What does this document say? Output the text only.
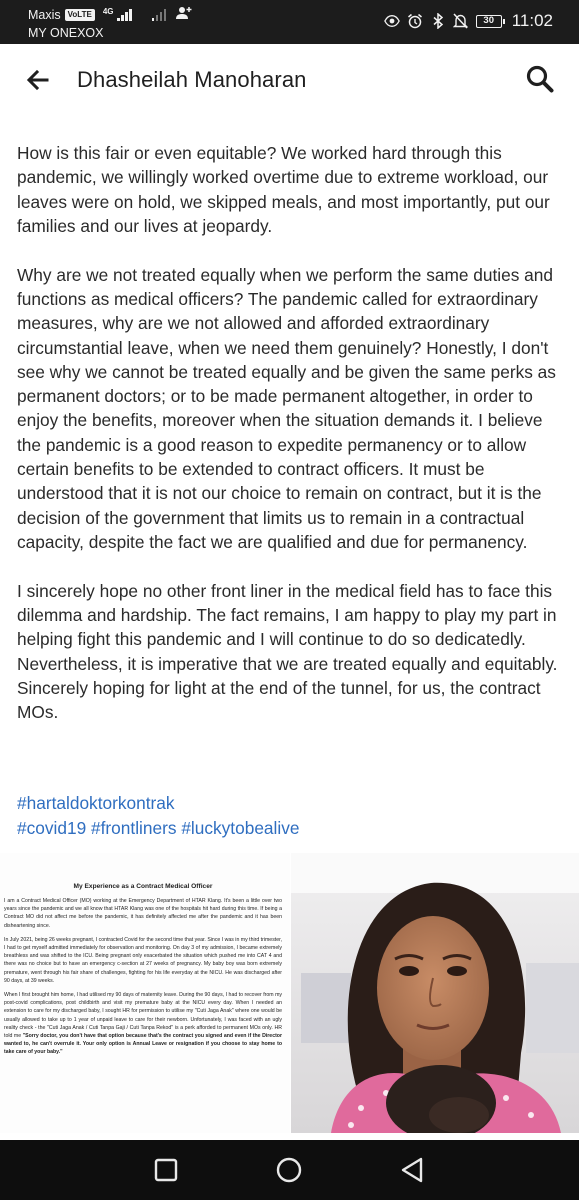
Maxis VoLTE	4G
MY ONEXOX
30	11:02
Dhasheilah Manoharan

How is this fair or even equitable? We worked hard through this pandemic, we willingly worked overtime due to extreme workload, our leaves were on hold, we skipped meals, and most importantly, put our families and our lives at jeopardy.

Why are we not treated equally when we perform the same duties and functions as medical officers? The pandemic called for extraordinary measures, why are we not allowed and afforded extraordinary circumstantial leave, when we need them genuinely? Honestly, I don't see why we cannot be treated equally and be given the same perks as permanent doctors; or to be made permanent altogether, in order to enjoy the benefits, moreover when the situation demands it. I believe the pandemic is a good reason to expedite permanency or to allow certain benefits to be extended to contract officers. It must be understood that it is not our choice to remain on contract, but it is the decision of the government that limits us to remain in a contractual capacity, despite the fact we are qualified and due for permanency.

I sincerely hope no other front liner in the medical field has to face this dilemma and hardship. The fact remains, I am happy to play my part in helping fight this pandemic and I will continue to do so dedicatedly. Nevertheless, it is imperative that we are treated equally and equitably. Sincerely hoping for light at the end of the tunnel, for us, the contract MOs.

#hartaldoktorkontrak
#covid19 #frontliners #luckytobealive
My Experience as a Contract Medical Officer
I am a Contract Medical Officer (MO) working at the Emergency Department of HTAR Klang. It's been a little over two years since the pandemic and we all know that HTAR Klang was one of the hospitals hit hard during this time. If being a Contract MO did not affect me before the pandemic, it has definitely affected me after the pandemic and it has been disheartening since.
In July 2021, being 26 weeks pregnant, I contracted Covid for the second time that year. Since I was in my third trimester, I had to get myself admitted immediately for observation and monitoring. On day 3 of my admission, I became extremely breathless and was shifted to the ICU. Being pregnant only exacerbated the situation which pushed me into CAT 4 and there was no choice but to have an emergency c-section at 27 weeks of pregnancy. My baby boy was born extremely premature, went through his fair share of challenges, fighting for his life everyday at the NICU. He was discharged after 90 days, at 39 weeks.
When I first brought him home, I had utilised my 90 days of maternity leave. During the 90 days, I had to recover from my post-covid complications, post childbirth and visit my premature baby at the NICU every day. When I needed an extension to care for my discharged baby, I sought HR for permission to utilise my "Cuti Jaga Anak" where one would be usually allowed to take up to 1 year of unpaid leave to care for their newborn. Unfortunately, I was faced with an ugly reality check - the "Cuti Jaga Anak / Cuti Tanpa Gaji / Cuti Tanpa Rekod" is a perk afforded to permanent MOs only. HR told me "Sorry doctor, you don't have that option because that's the contract you signed and even if the Director wanted to, he can't overrule it. Your only option is Annual Leave or resignation if you choose to stay home to take care of your baby."
